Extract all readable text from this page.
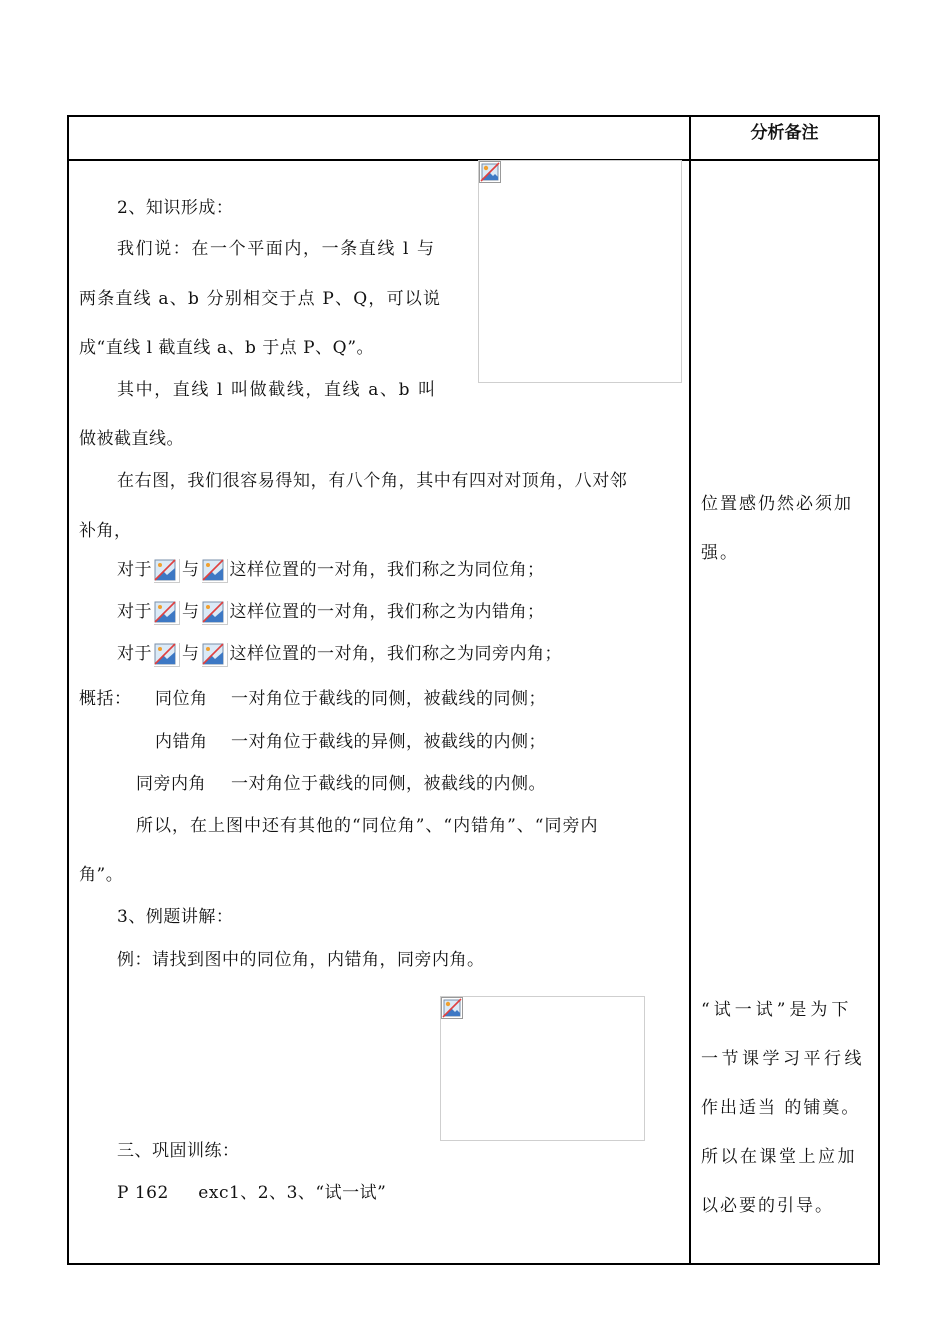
分析备注
2、知识形成：
我们说：在一个平面内，一条直线 l 与
两条直线 a、b 分别相交于点 P、Q，可以说
成“直线 l 截直线 a、b 于点 P、Q”。
其中，直线 l 叫做截线，直线 a、b 叫
做被截直线。
在右图，我们很容易得知，有八个角，其中有四对对顶角，八对邻
补角，
对于 与 这样位置的一对角，我们称之为同位角；
对于 与 这样位置的一对角，我们称之为内错角；
对于 与 这样位置的一对角，我们称之为同旁内角；
概括： 同位角 一对角位于截线的同侧，被截线的同侧；
内错角 一对角位于截线的异侧，被截线的内侧；
同旁内角 一对角位于截线的同侧，被截线的内侧。
所以，在上图中还有其他的“同位角”、“内错角”、“同旁内
角”。
3、例题讲解：
例：请找到图中的同位角，内错角，同旁内角。
三、巩固训练：
P 162     exc1、2、3、“试一试”
位置感仍然必须加
强。
“试一试”是为下
一节课学习平行线
作出适当 的铺奠。
所以在课堂上应加
以必要的引导。
